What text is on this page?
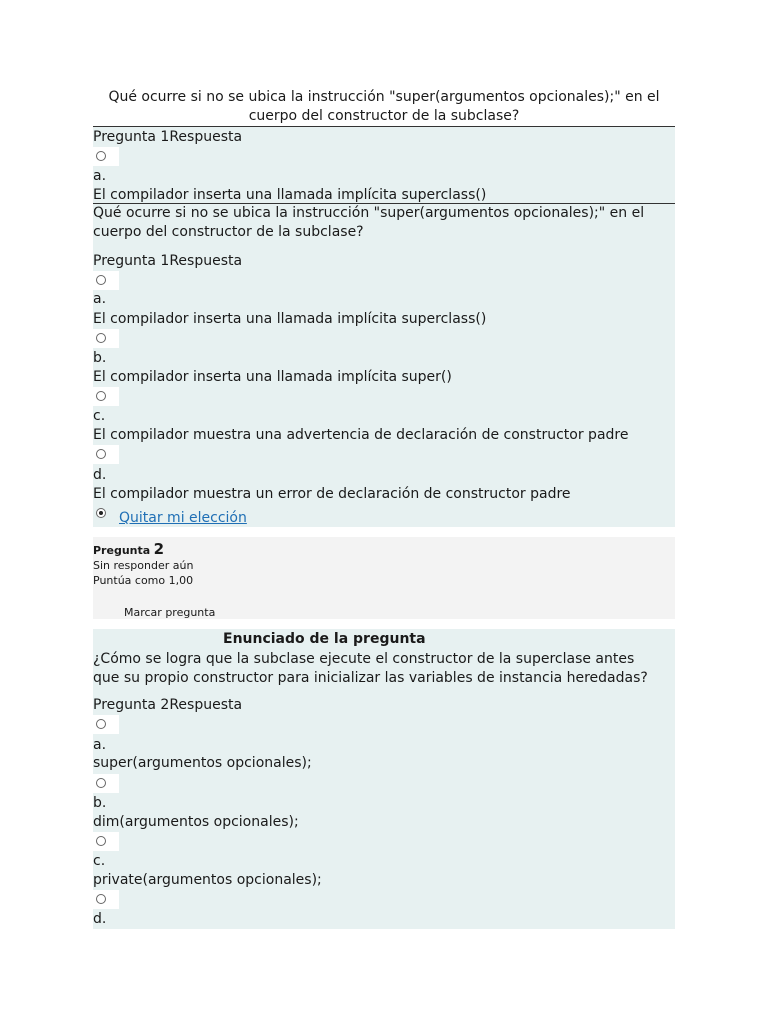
Qué ocurre si no se ubica la instrucción "super(argumentos opcionales);" en el cuerpo del constructor de la subclase?
Pregunta 1Respuesta
a.
El compilador inserta una llamada implícita superclass()
Qué ocurre si no se ubica la instrucción "super(argumentos opcionales);" en el cuerpo del constructor de la subclase?
Pregunta 1Respuesta
a.
El compilador inserta una llamada implícita superclass()
b.
El compilador inserta una llamada implícita super()
c.
El compilador muestra una advertencia de declaración de constructor padre
d.
El compilador muestra un error de declaración de constructor padre
Quitar mi elección
Pregunta 2
Sin responder aún
Puntúa como 1,00
Marcar pregunta
Enunciado de la pregunta
¿Cómo se logra que la subclase ejecute el constructor de la superclase antes que su propio constructor para inicializar las variables de instancia heredadas?
Pregunta 2Respuesta
a.
super(argumentos opcionales);
b.
dim(argumentos opcionales);
c.
private(argumentos opcionales);
d.
